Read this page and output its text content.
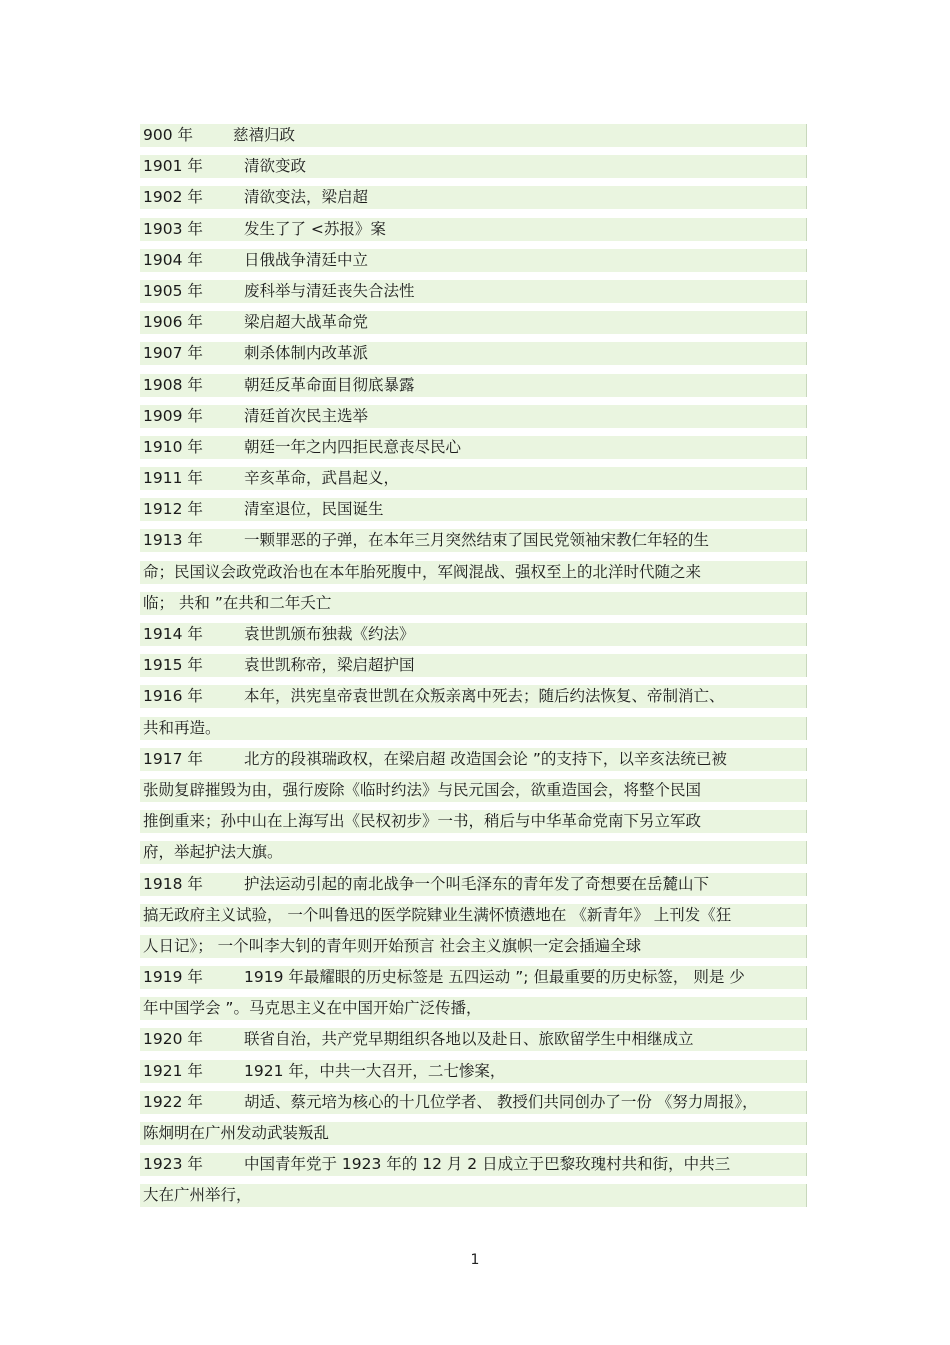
900 年	慈禧归政
1901 年	清欲变政
1902 年	清欲变法，梁启超
1903 年	发生了了 <苏报》案
1904 年	日俄战争清廷中立
1905 年	废科举与清廷丧失合法性
1906 年	梁启超大战革命党
1907 年	刺杀体制内改革派
1908 年	朝廷反革命面目彻底暴露
1909 年	清廷首次民主选举
1910 年	朝廷一年之内四拒民意丧尽民心
1911 年	辛亥革命，武昌起义，
1912 年	清室退位，民国诞生
1913 年	一颗罪恶的子弹，在本年三月突然结束了国民党领袖宋教仁年轻的生
命；民国议会政党政治也在本年胎死腹中，军阀混战、强权至上的北洋时代随之来
临； 共和 ”在共和二年夭亡
1914 年	袁世凯颁布独裁《约法》
1915 年	袁世凯称帝，梁启超护国
1916 年	本年，洪宪皇帝袁世凯在众叛亲离中死去；随后约法恢复、帝制消亡、
共和再造。
1917 年	北方的段祺瑞政权，在梁启超 改造国会论 ”的支持下，以辛亥法统已被
张勋复辟摧毁为由，强行废除《临时约法》与民元国会，欲重造国会，将整个民国
推倒重来；孙中山在上海写出《民权初步》一书，稍后与中华革命党南下另立军政
府，举起护法大旗。
1918 年	护法运动引起的南北战争一个叫毛泽东的青年发了奇想要在岳麓山下
搞无政府主义试验， 一个叫鲁迅的医学院肄业生满怀愤懑地在 《新青年》 上刊发《狂
人日记》； 一个叫李大钊的青年则开始预言 社会主义旗帜一定会插遍全球
1919 年	1919 年最耀眼的历史标签是 五四运动 ”; 但最重要的历史标签， 则是 少
年中国学会 ”。马克思主义在中国开始广泛传播，
1920 年	联省自治，共产党早期组织各地以及赴日、旅欧留学生中相继成立
1921 年	1921 年，中共一大召开，二七惨案，
1922 年	胡适、蔡元培为核心的十几位学者、 教授们共同创办了一份 《努力周报》，
陈炯明在广州发动武装叛乱
1923 年	中国青年党于 1923 年的 12 月 2 日成立于巴黎玫瑰村共和街，中共三
大在广州举行，
1
